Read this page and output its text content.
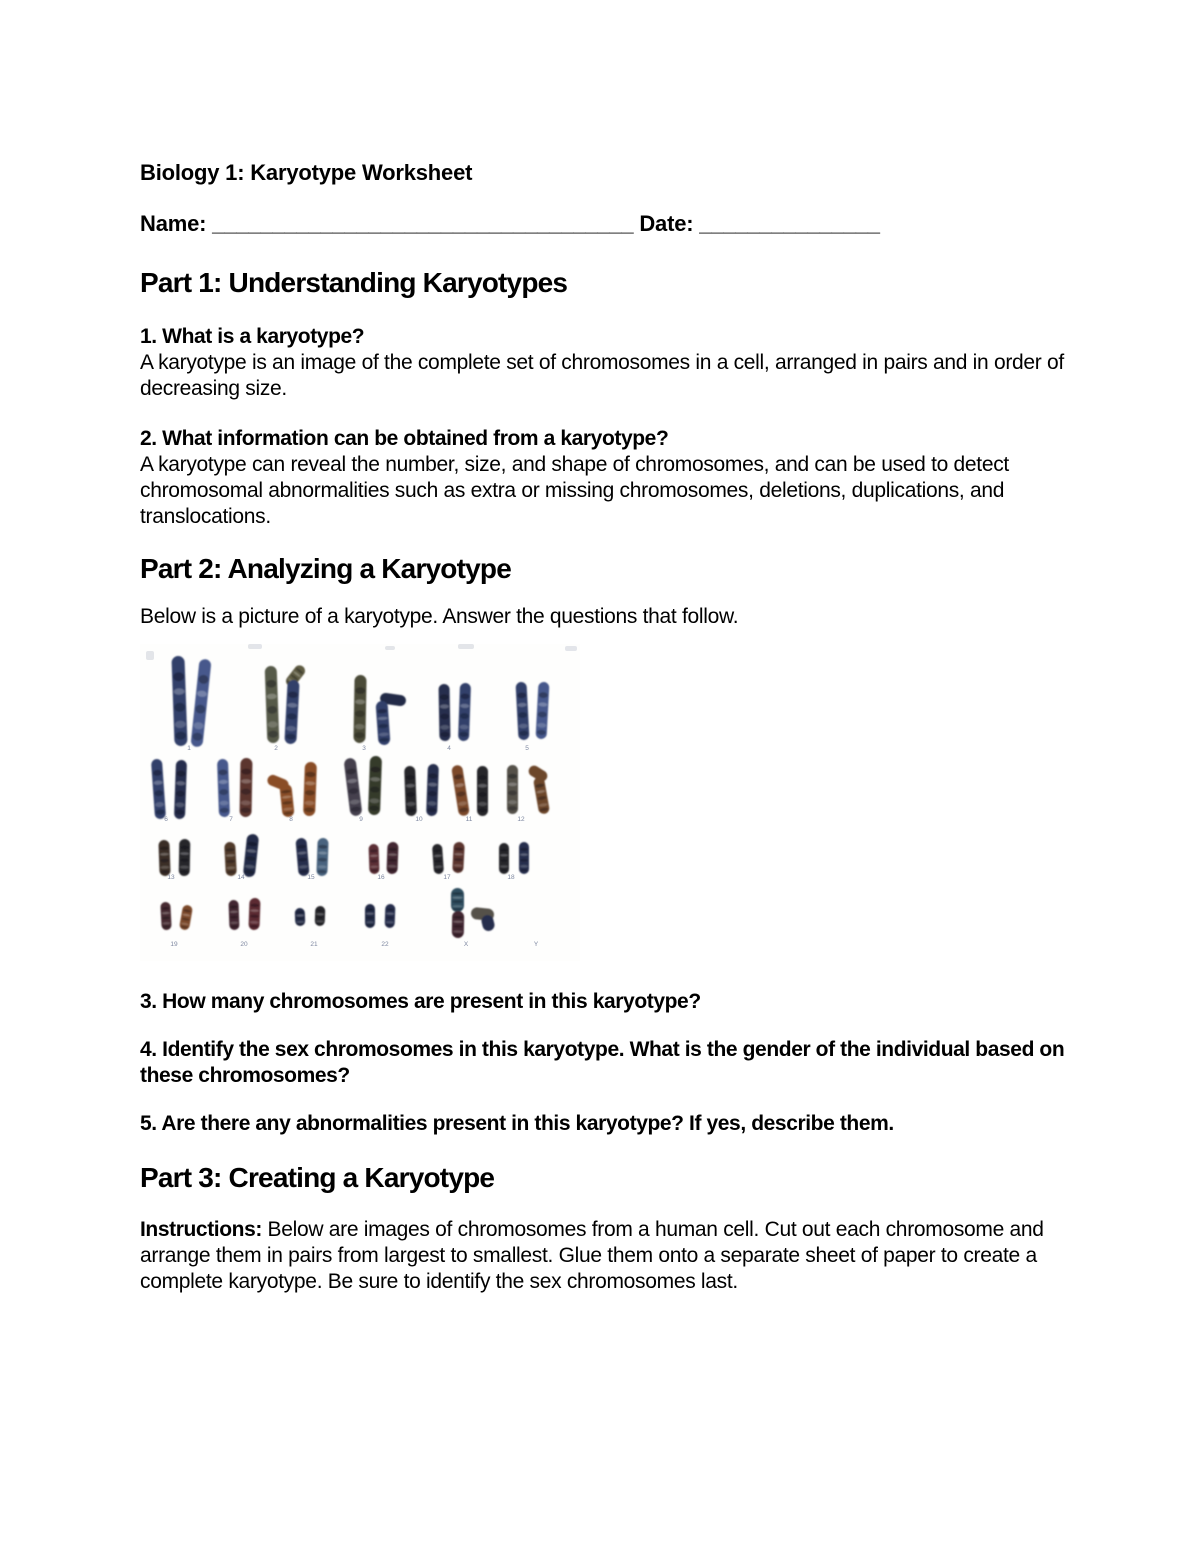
Biology 1: Karyotype Worksheet
Name: ___________________________________ Date: _______________
Part 1: Understanding Karyotypes
1. What is a karyotype?
A karyotype is an image of the complete set of chromosomes in a cell, arranged in pairs and in order of decreasing size.
2. What information can be obtained from a karyotype?
A karyotype can reveal the number, size, and shape of chromosomes, and can be used to detect chromosomal abnormalities such as extra or missing chromosomes, deletions, duplications, and translocations.
Part 2: Analyzing a Karyotype
Below is a picture of a karyotype. Answer the questions that follow.
1	2	3	4	5
6	7	8	9	10	11	12
13	14	15	16	17	18
19	20	21	22	X	Y
3. How many chromosomes are present in this karyotype?
4. Identify the sex chromosomes in this karyotype. What is the gender of the individual based on these chromosomes?
5. Are there any abnormalities present in this karyotype? If yes, describe them.
Part 3: Creating a Karyotype
Instructions: Below are images of chromosomes from a human cell. Cut out each chromosome and arrange them in pairs from largest to smallest. Glue them onto a separate sheet of paper to create a complete karyotype. Be sure to identify the sex chromosomes last.
